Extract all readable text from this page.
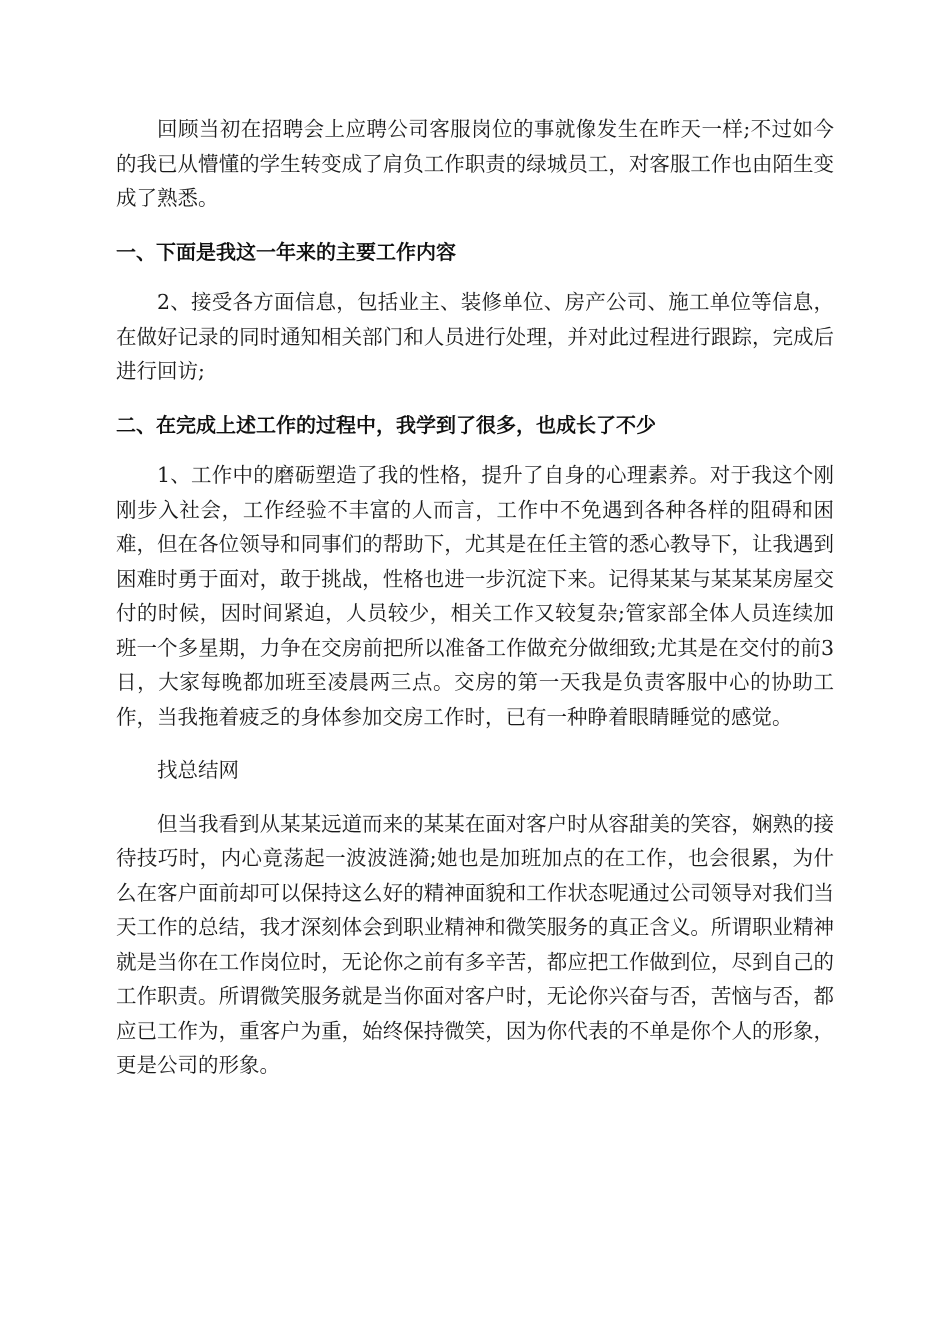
回顾当初在招聘会上应聘公司客服岗位的事就像发生在昨天一样;不过如今的我已从懵懂的学生转变成了肩负工作职责的绿城员工，对客服工作也由陌生变成了熟悉。

一、下面是我这一年来的主要工作内容

2、接受各方面信息，包括业主、装修单位、房产公司、施工单位等信息，在做好记录的同时通知相关部门和人员进行处理，并对此过程进行跟踪，完成后进行回访;

二、在完成上述工作的过程中，我学到了很多，也成长了不少

1、工作中的磨砺塑造了我的性格，提升了自身的心理素养。对于我这个刚刚步入社会，工作经验不丰富的人而言，工作中不免遇到各种各样的阻碍和困难，但在各位领导和同事们的帮助下，尤其是在任主管的悉心教导下，让我遇到困难时勇于面对，敢于挑战，性格也进一步沉淀下来。记得某某与某某某房屋交付的时候，因时间紧迫，人员较少，相关工作又较复杂;管家部全体人员连续加班一个多星期，力争在交房前把所以准备工作做充分做细致;尤其是在交付的前3日，大家每晚都加班至凌晨两三点。交房的第一天我是负责客服中心的协助工作，当我拖着疲乏的身体参加交房工作时，已有一种睁着眼睛睡觉的感觉。

找总结网

但当我看到从某某远道而来的某某在面对客户时从容甜美的笑容，娴熟的接待技巧时，内心竟荡起一波波涟漪;她也是加班加点的在工作，也会很累，为什么在客户面前却可以保持这么好的精神面貌和工作状态呢通过公司领导对我们当天工作的总结，我才深刻体会到职业精神和微笑服务的真正含义。所谓职业精神就是当你在工作岗位时，无论你之前有多辛苦，都应把工作做到位，尽到自己的工作职责。所谓微笑服务就是当你面对客户时，无论你兴奋与否，苦恼与否，都应已工作为，重客户为重，始终保持微笑，因为你代表的不单是你个人的形象，更是公司的形象。
